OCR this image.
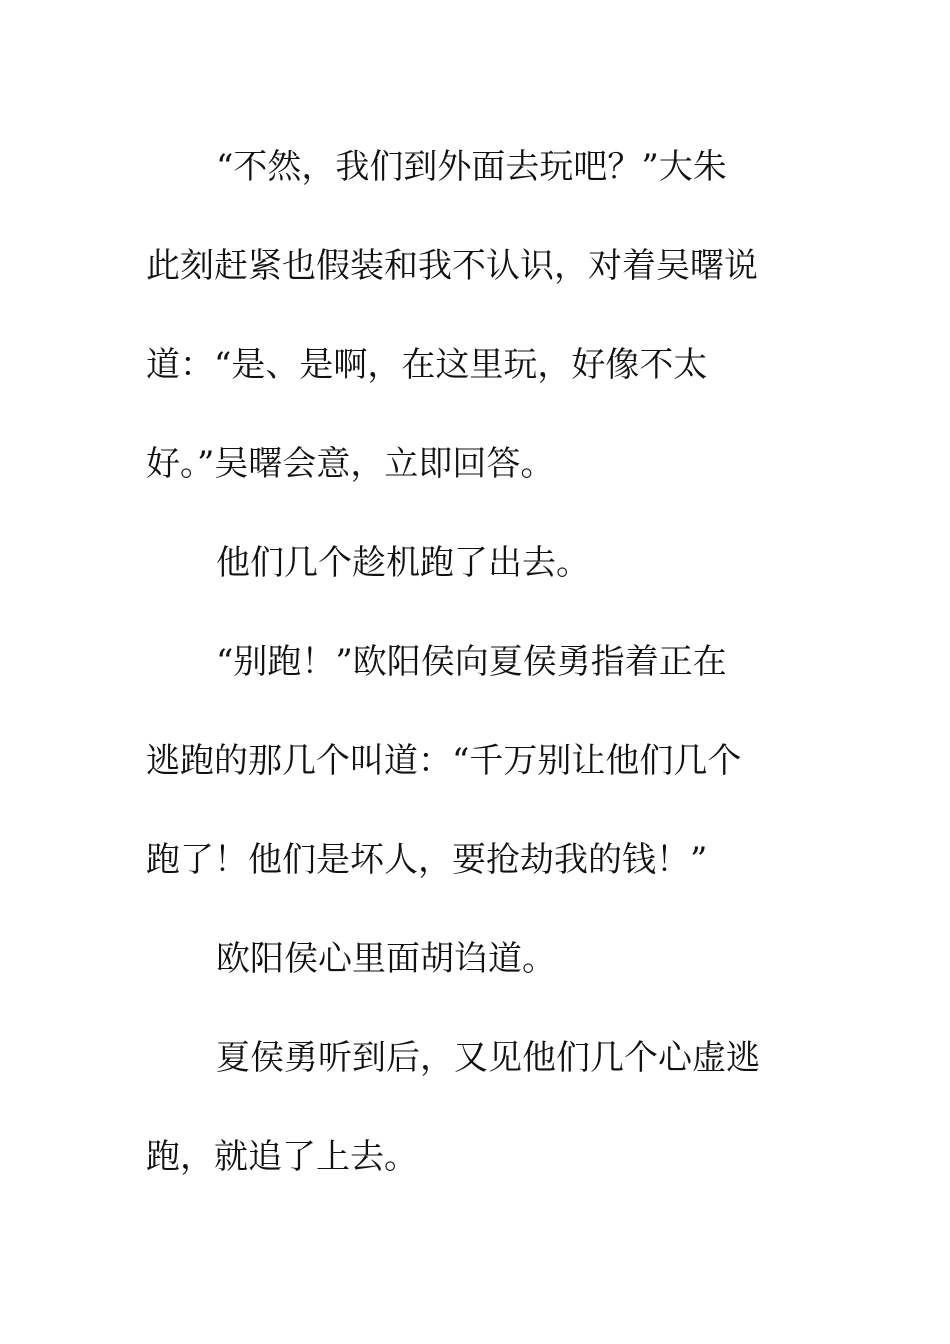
“不然，我们到外面去玩吧？”大朱
此刻赶紧也假装和我不认识，对着吴曙说
道：“是、是啊，在这里玩，好像不太
好。”吴曙会意，立即回答。

他们几个趁机跑了出去。

“别跑！”欧阳侯向夏侯勇指着正在
逃跑的那几个叫道：“千万别让他们几个
跑了！他们是坏人，要抢劫我的钱！”

欧阳侯心里面胡诌道。

夏侯勇听到后，又见他们几个心虚逃
跑，就追了上去。
